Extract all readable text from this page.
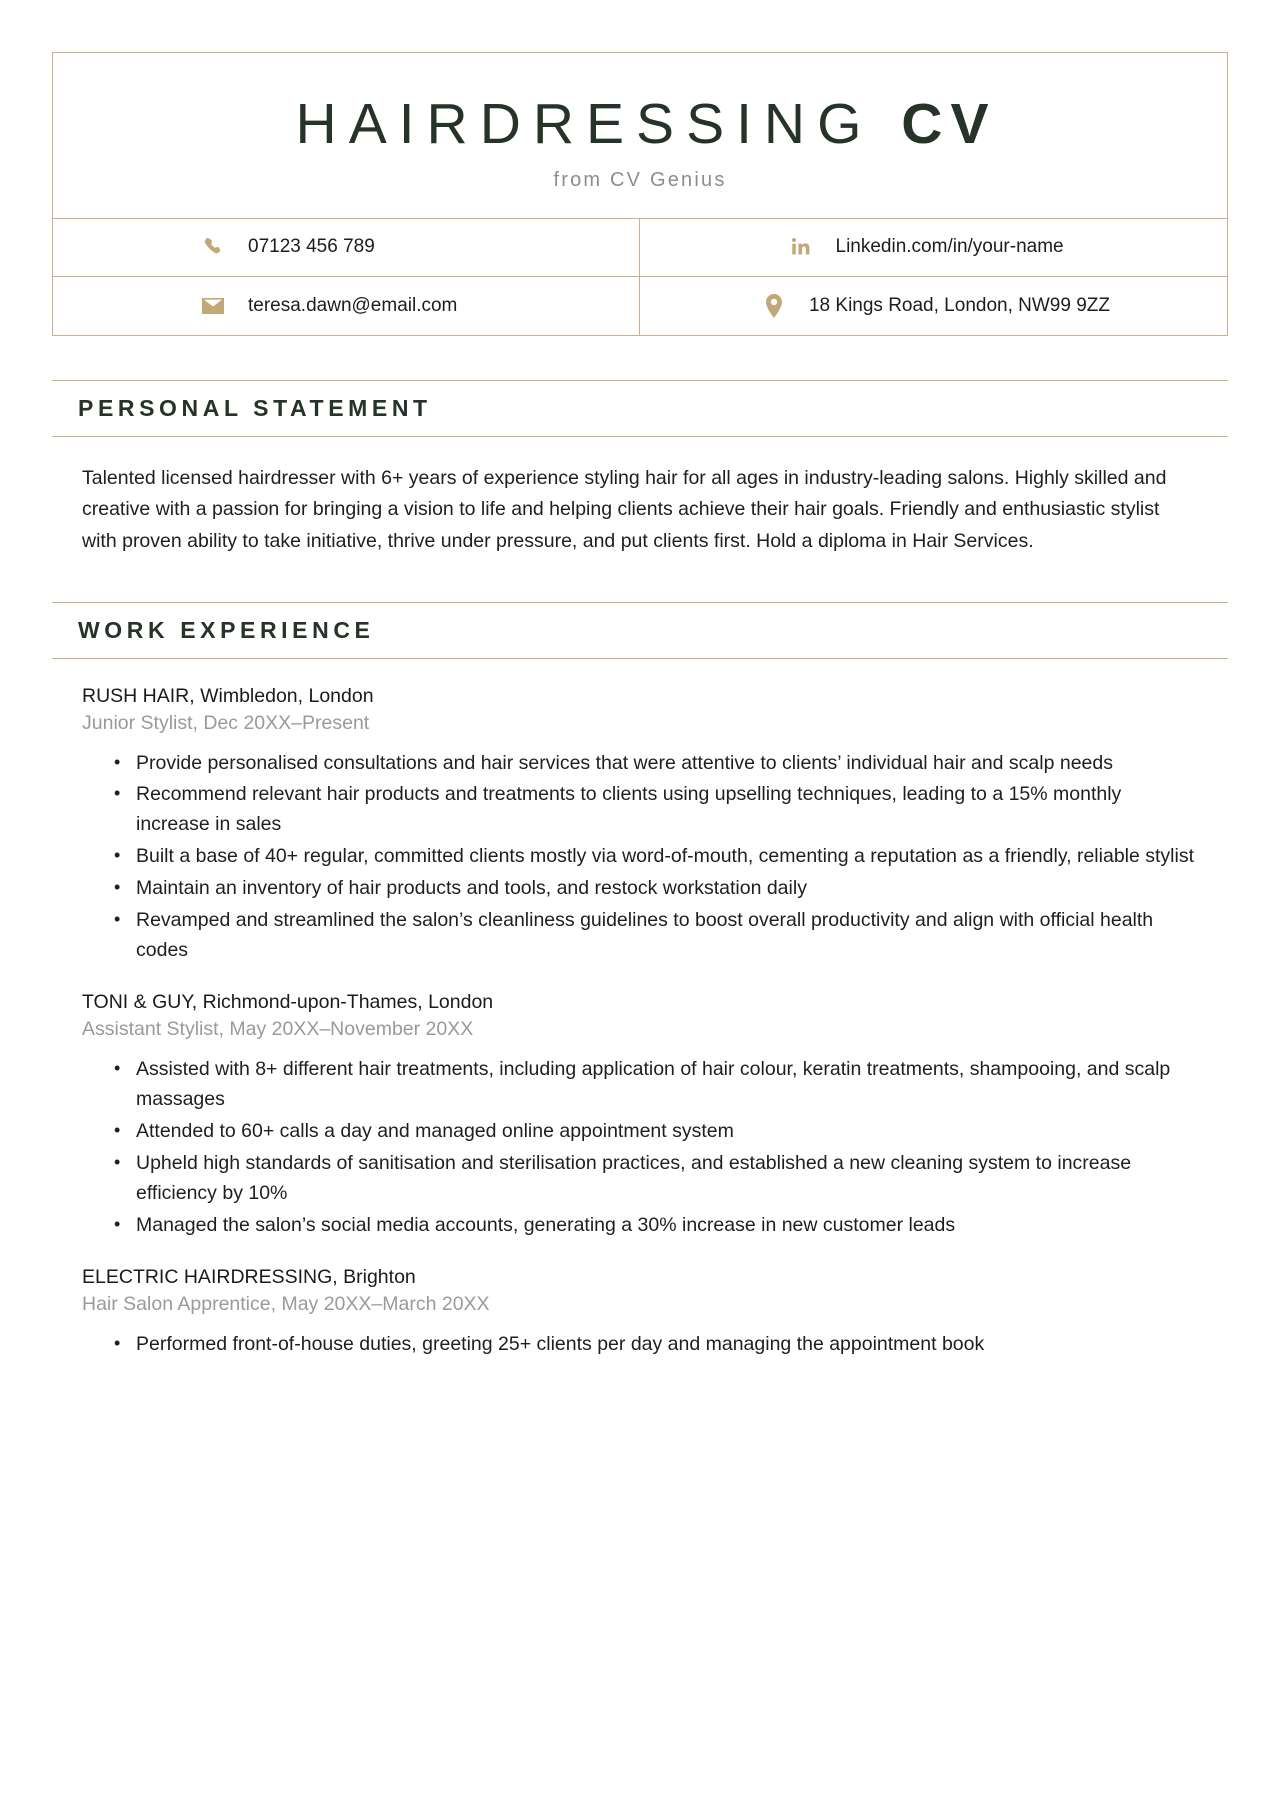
HAIRDRESSING CV

from CV Genius

07123 456 789	Linkedin.com/in/your-name
teresa.dawn@email.com	18 Kings Road, London, NW99 9ZZ
PERSONAL STATEMENT

Talented licensed hairdresser with 6+ years of experience styling hair for all ages in industry-leading salons. Highly skilled and creative with a passion for bringing a vision to life and helping clients achieve their hair goals. Friendly and enthusiastic stylist with proven ability to take initiative, thrive under pressure, and put clients first. Hold a diploma in Hair Services.

WORK EXPERIENCE

RUSH HAIR, Wimbledon, London

Junior Stylist, Dec 20XX–Present

• Provide personalised consultations and hair services that were attentive to clients’ individual hair and scalp needs
• Recommend relevant hair products and treatments to clients using upselling techniques, leading to a 15% monthly increase in sales
• Built a base of 40+ regular, committed clients mostly via word-of-mouth, cementing a reputation as a friendly, reliable stylist
• Maintain an inventory of hair products and tools, and restock workstation daily
• Revamped and streamlined the salon’s cleanliness guidelines to boost overall productivity and align with official health codes

TONI & GUY, Richmond-upon-Thames, London

Assistant Stylist, May 20XX–November 20XX

• Assisted with 8+ different hair treatments, including application of hair colour, keratin treatments, shampooing, and scalp massages
• Attended to 60+ calls a day and managed online appointment system
• Upheld high standards of sanitisation and sterilisation practices, and established a new cleaning system to increase efficiency by 10%
• Managed the salon’s social media accounts, generating a 30% increase in new customer leads

ELECTRIC HAIRDRESSING, Brighton

Hair Salon Apprentice, May 20XX–March 20XX

• Performed front-of-house duties, greeting 25+ clients per day and managing the appointment book
